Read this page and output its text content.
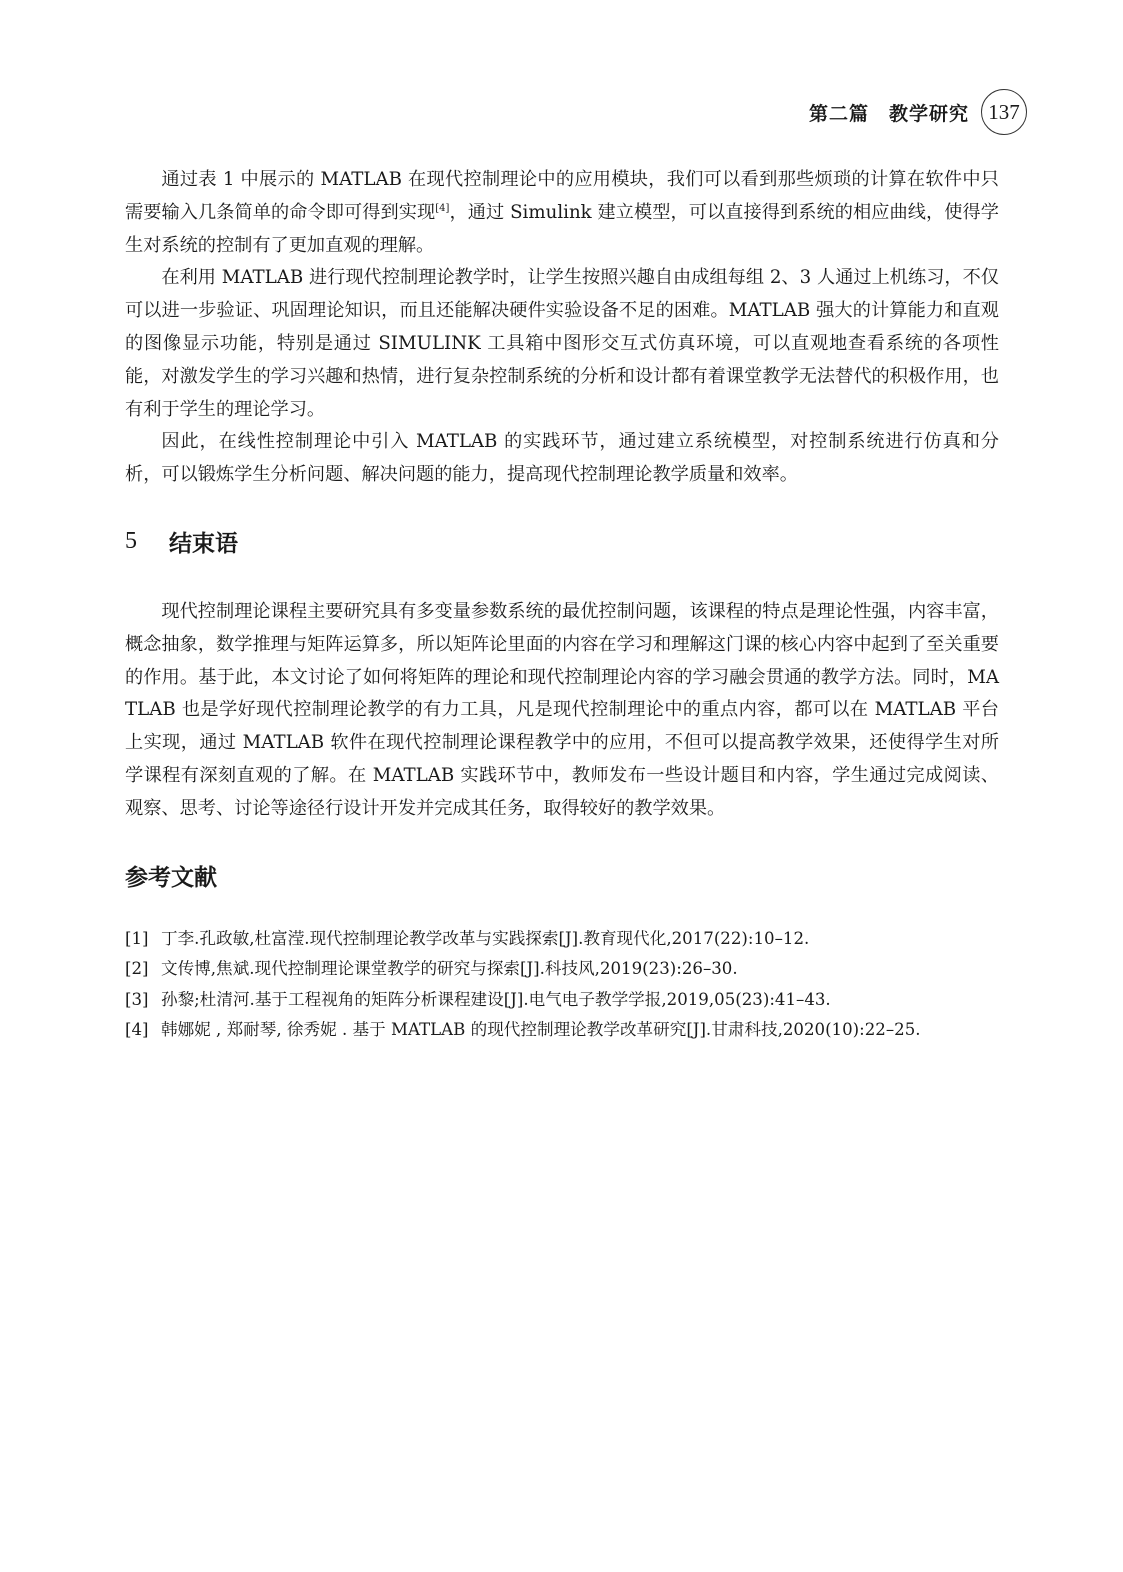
第二篇　教学研究 137

通过表 1 中展示的 MATLAB 在现代控制理论中的应用模块，我们可以看到那些烦琐的计算在软件中只需要输入几条简单的命令即可得到实现[4]，通过 Simulink 建立模型，可以直接得到系统的相应曲线，使得学生对系统的控制有了更加直观的理解。

在利用 MATLAB 进行现代控制理论教学时，让学生按照兴趣自由成组每组 2、3 人通过上机练习，不仅可以进一步验证、巩固理论知识，而且还能解决硬件实验设备不足的困难。MATLAB 强大的计算能力和直观的图像显示功能，特别是通过 SIMULINK 工具箱中图形交互式仿真环境，可以直观地查看系统的各项性能，对激发学生的学习兴趣和热情，进行复杂控制系统的分析和设计都有着课堂教学无法替代的积极作用，也有利于学生的理论学习。

因此，在线性控制理论中引入 MATLAB 的实践环节，通过建立系统模型，对控制系统进行仿真和分析，可以锻炼学生分析问题、解决问题的能力，提高现代控制理论教学质量和效率。

5	结束语

现代控制理论课程主要研究具有多变量参数系统的最优控制问题，该课程的特点是理论性强，内容丰富，概念抽象，数学推理与矩阵运算多，所以矩阵论里面的内容在学习和理解这门课的核心内容中起到了至关重要的作用。基于此，本文讨论了如何将矩阵的理论和现代控制理论内容的学习融会贯通的教学方法。同时，MATLAB 也是学好现代控制理论教学的有力工具，凡是现代控制理论中的重点内容，都可以在 MATLAB 平台上实现，通过 MATLAB 软件在现代控制理论课程教学中的应用，不但可以提高教学效果，还使得学生对所学课程有深刻直观的了解。在 MATLAB 实践环节中，教师发布一些设计题目和内容，学生通过完成阅读、观察、思考、讨论等途径行设计开发并完成其任务，取得较好的教学效果。

参考文献
[1] 丁李.孔政敏,杜富滢.现代控制理论教学改革与实践探索[J].教育现代化,2017(22):10–12.
[2] 文传博,焦斌.现代控制理论课堂教学的研究与探索[J].科技风,2019(23):26–30.
[3] 孙黎;杜清河.基于工程视角的矩阵分析课程建设[J].电气电子教学学报,2019,05(23):41–43.
[4] 韩娜妮 , 郑耐琴, 徐秀妮 . 基于 MATLAB 的现代控制理论教学改革研究[J].甘肃科技,2020(10):22–25.
